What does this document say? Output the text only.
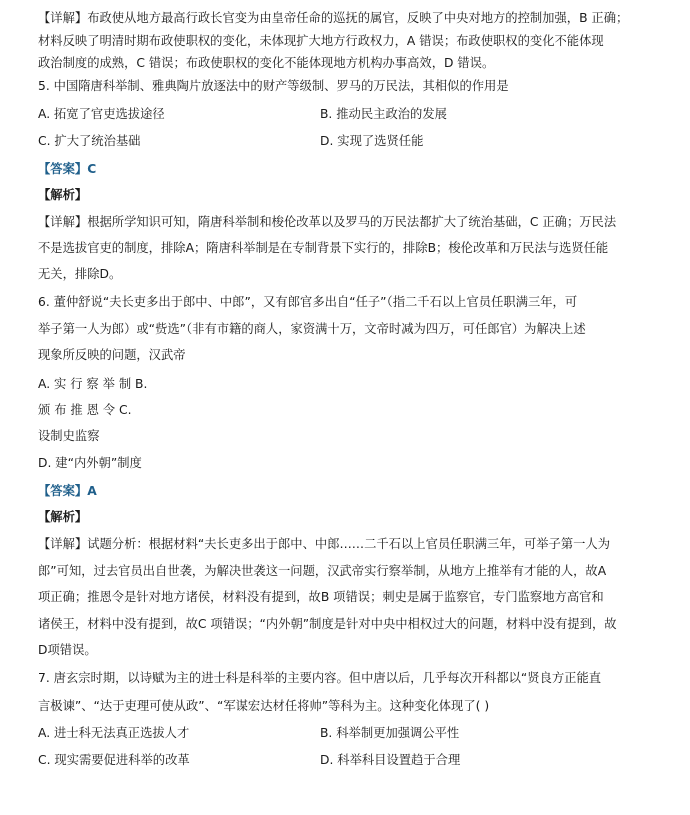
【详解】布政使从地方最高行政长官变为由皇帝任命的巡抚的属官，反映了中央对地方的控制加强，B 正确；
材料反映了明清时期布政使职权的变化，未体现扩大地方行政权力，A 错误；布政使职权的变化不能体现
政治制度的成熟，C 错误；布政使职权的变化不能体现地方机构办事高效，D 错误。
5. 中国隋唐科举制、雅典陶片放逐法中的财产等级制、罗马的万民法，其相似的作用是
A. 拓宽了官吏选拔途径	B. 推动民主政治的发展
C. 扩大了统治基础	D. 实现了选贤任能
【答案】C
【解析】
【详解】根据所学知识可知，隋唐科举制和梭伦改革以及罗马的万民法都扩大了统治基础，C 正确；万民法
不是选拔官吏的制度，排除A；隋唐科举制是在专制背景下实行的，排除B；梭伦改革和万民法与选贤任能
无关，排除D。
6. 董仲舒说“夫长吏多出于郎中、中郎”，又有郎官多出自“任子”（指二千石以上官员任职满三年，可
举子第一人为郎）或“赀选”（非有市籍的商人，家资满十万，文帝时减为四万，可任郎官）为解决上述
现象所反映的问题，汉武帝
A. 实 行 察 举 制 B.
颁 布 推 恩 令 C.
设制史监察
D. 建“内外朝”制度
【答案】A
【解析】
【详解】试题分析：根据材料“夫长吏多出于郎中、中郎……二千石以上官员任职满三年，可举子第一人为
郎”可知，过去官员出自世袭，为解决世袭这一问题，汉武帝实行察举制，从地方上推举有才能的人，故A
项正确；推恩令是针对地方诸侯，材料没有提到，故B 项错误；刺史是属于监察官，专门监察地方高官和
诸侯王，材料中没有提到，故C 项错误；“内外朝”制度是针对中央中相权过大的问题，材料中没有提到，故
D项错误。
7. 唐玄宗时期，以诗赋为主的进士科是科举的主要内容。但中唐以后，几乎每次开科都以“贤良方正能直
言极谏”、“达于吏理可使从政”、“军谋宏达材任将帅”等科为主。这种变化体现了( )
A. 进士科无法真正选拔人才	B. 科举制更加强调公平性
C. 现实需要促进科举的改革	D. 科举科目设置趋于合理
